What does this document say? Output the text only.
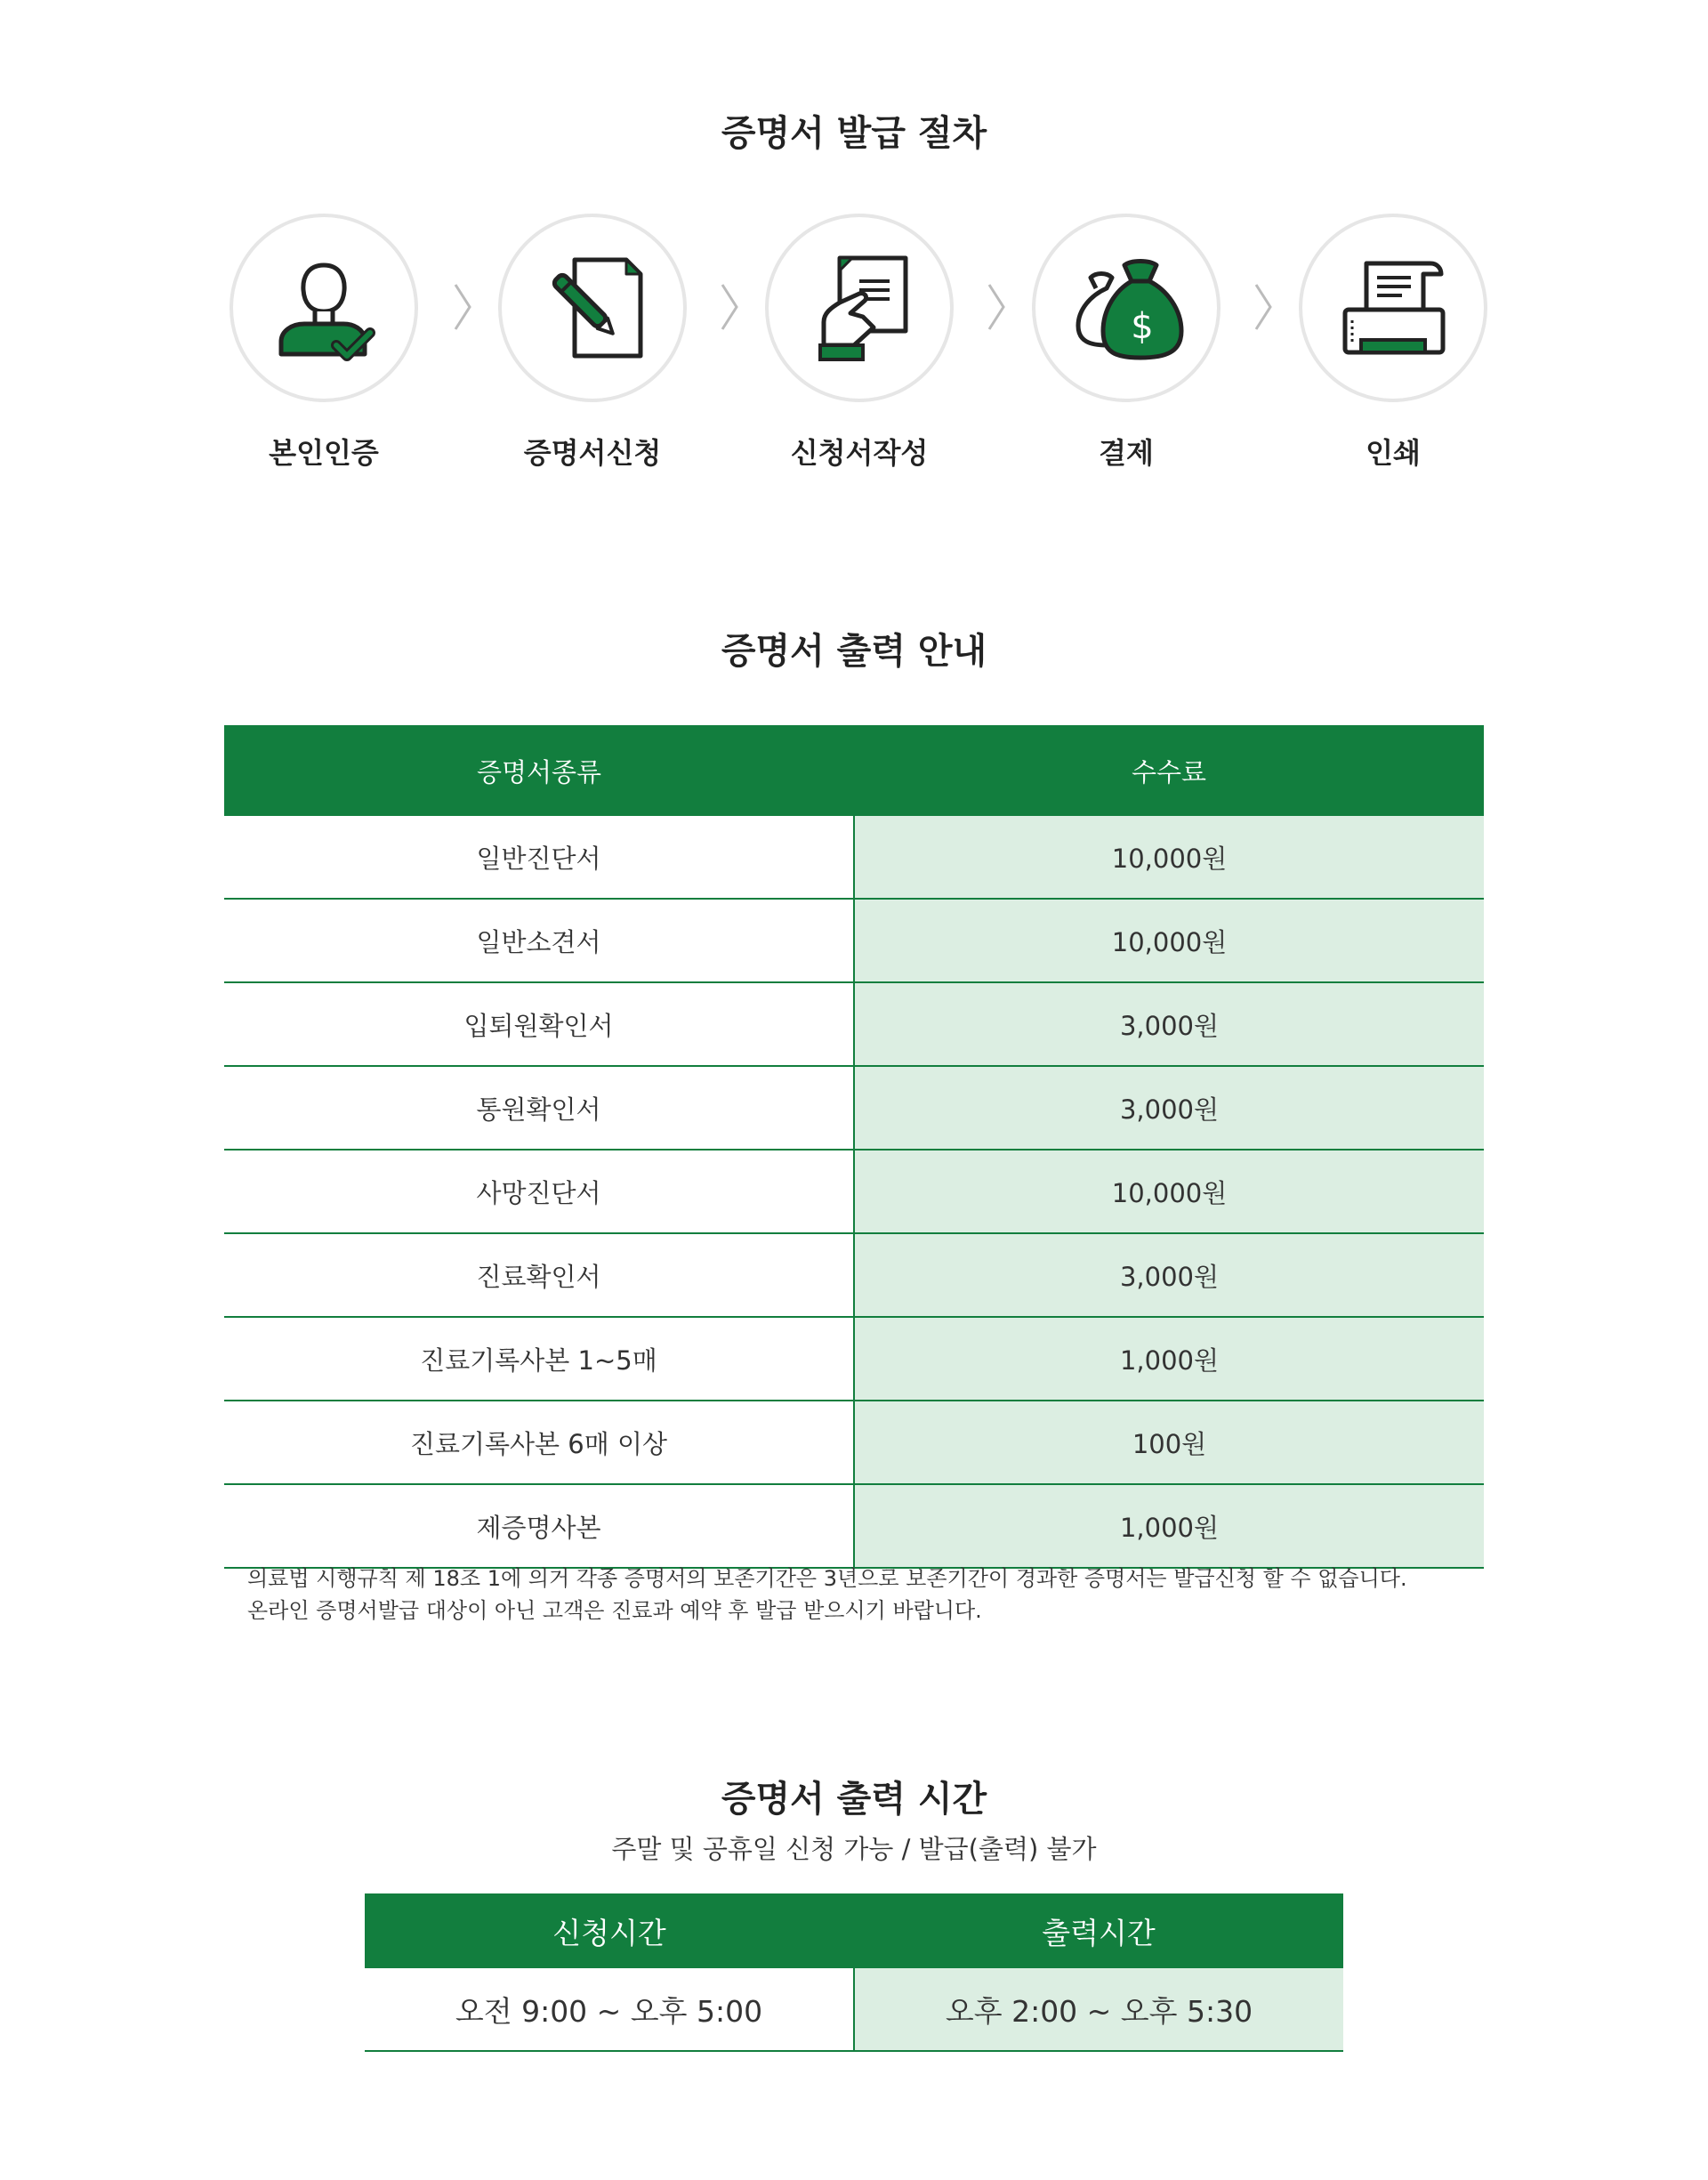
증명서 발급 절차
본인인증	증명서신청	신청서작성
$
결제	인쇄
증명서 출력 안내
증명서종류	수수료
일반진단서	10,000원
일반소견서	10,000원
입퇴원확인서	3,000원
통원확인서	3,000원
사망진단서	10,000원
진료확인서	3,000원
진료기록사본 1~5매	1,000원
진료기록사본 6매 이상	100원
제증명사본	1,000원

의료법 시행규칙 제 18조 1에 의거 각종 증명서의 보존기간은 3년으로 보존기간이 경과한 증명서는 발급신청 할 수 없습니다.

온라인 증명서발급 대상이 아닌 고객은 진료과 예약 후 발급 받으시기 바랍니다.

증명서 출력 시간
주말 및 공휴일 신청 가능 / 발급(출력) 불가
신청시간	출력시간
오전 9:00 ~ 오후 5:00	오후 2:00 ~ 오후 5:30
